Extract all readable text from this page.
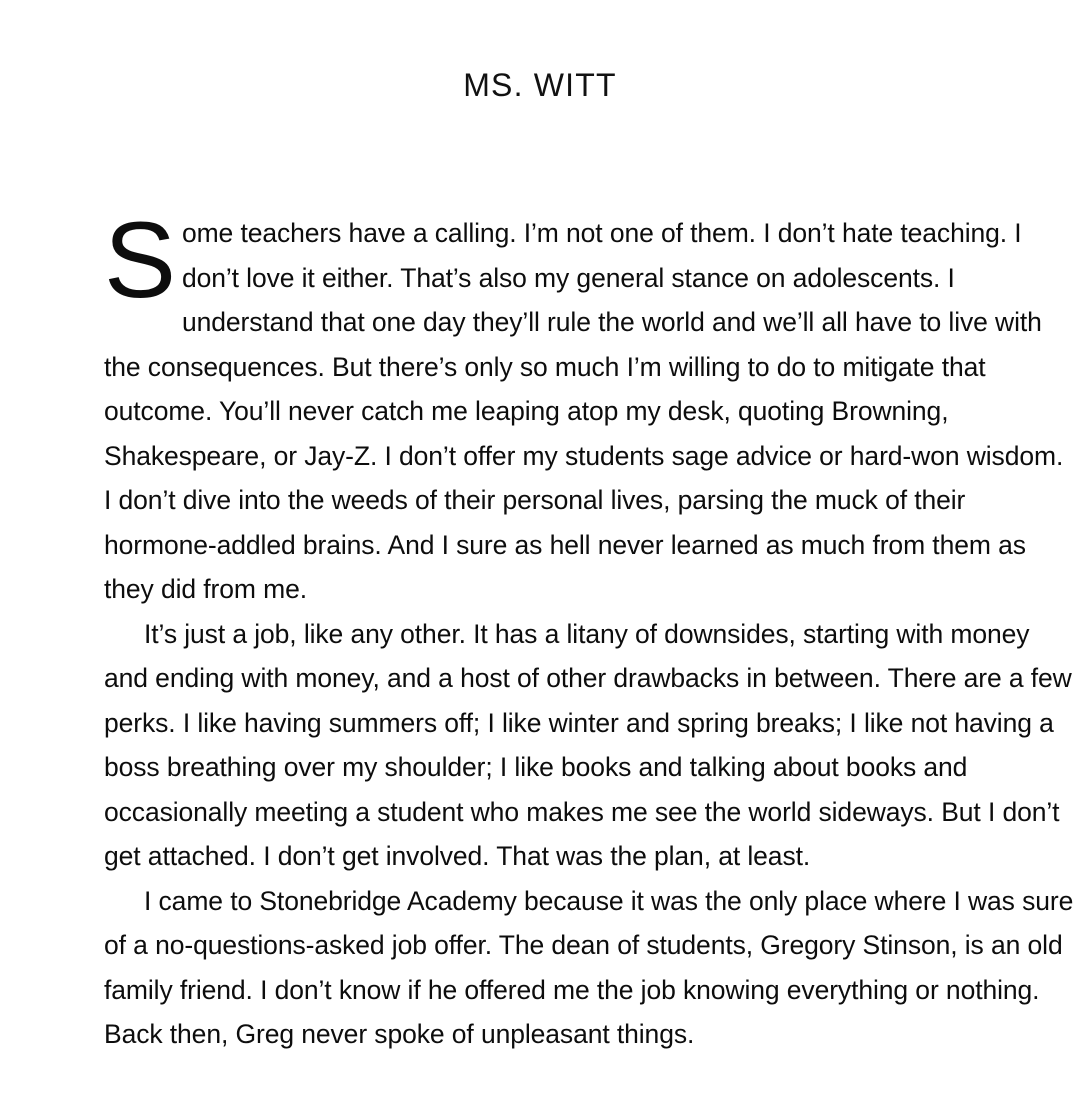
MS. WITT

Some teachers have a calling. I’m not one of them. I don’t hate teaching. I don’t love it either. That’s also my general stance on adolescents. I understand that one day they’ll rule the world and we’ll all have to live with the consequences. But there’s only so much I’m willing to do to mitigate that outcome. You’ll never catch me leaping atop my desk, quoting Browning, Shakespeare, or Jay-Z. I don’t offer my students sage advice or hard-won wisdom. I don’t dive into the weeds of their personal lives, parsing the muck of their hormone-addled brains. And I sure as hell never learned as much from them as they did from me.

It’s just a job, like any other. It has a litany of downsides, starting with money and ending with money, and a host of other drawbacks in between. There are a few perks. I like having summers off; I like winter and spring breaks; I like not having a boss breathing over my shoulder; I like books and talking about books and occasionally meeting a student who makes me see the world sideways. But I don’t get attached. I don’t get involved. That was the plan, at least.

I came to Stonebridge Academy because it was the only place where I was sure of a no-questions-asked job offer. The dean of students, Gregory Stinson, is an old family friend. I don’t know if he offered me the job knowing everything or nothing. Back then, Greg never spoke of unpleasant things.
